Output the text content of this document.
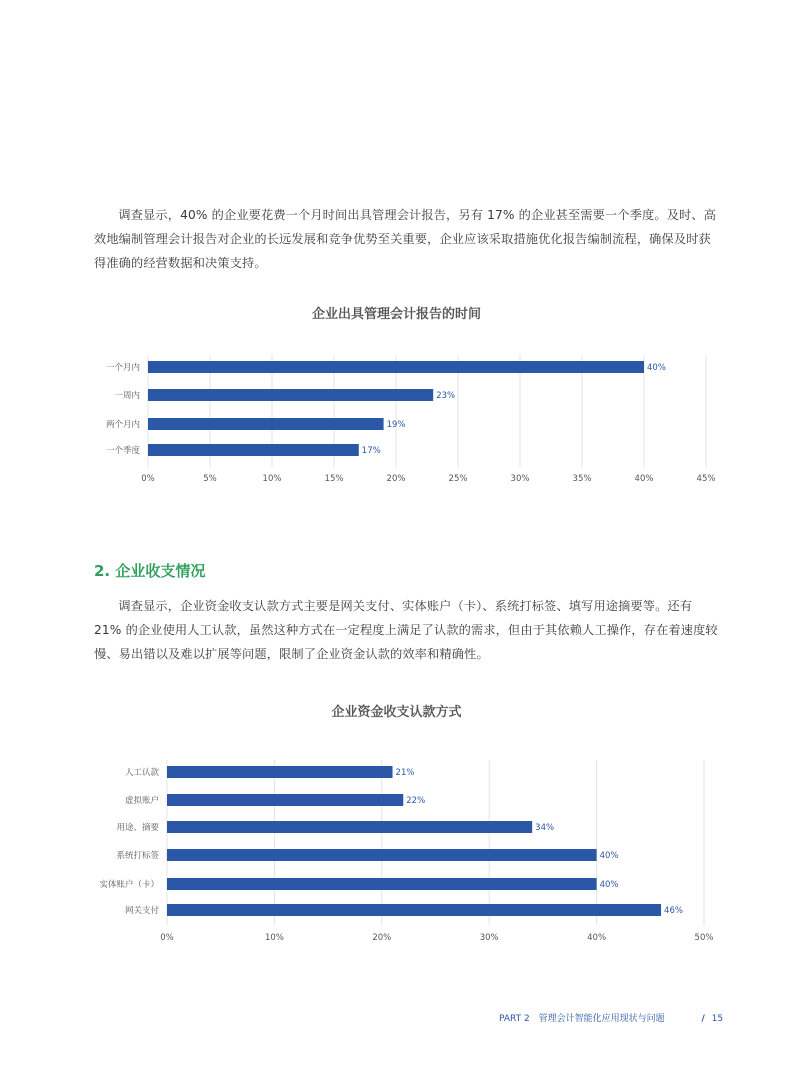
调查显示，40% 的企业要花费一个月时间出具管理会计报告，另有 17% 的企业甚至需要一个季度。及时、高效地编制管理会计报告对企业的长远发展和竞争优势至关重要，企业应该采取措施优化报告编制流程，确保及时获得准确的经营数据和决策支持。

企业出具管理会计报告的时间
0%	5%	10%	15%	20%	25%	30%	35%	40%	45%
一个月内	40%
一周内	23%
两个月内	19%
一个季度	17%
2. 企业收支情况

调查显示，企业资金收支认款方式主要是网关支付、实体账户（卡）、系统打标签、填写用途摘要等。还有 21% 的企业使用人工认款，虽然这种方式在一定程度上满足了认款的需求，但由于其依赖人工操作，存在着速度较慢、易出错以及难以扩展等问题，限制了企业资金认款的效率和精确性。

企业资金收支认款方式
0%	10%	20%	30%	40%	50%
人工认款	21%
虚拟账户	22%
用途、摘要	34%
系统打标签	40%
实体账户（卡）	40%
网关支付	46%
PART 2 管理会计智能化应用现状与问题	/ 15
